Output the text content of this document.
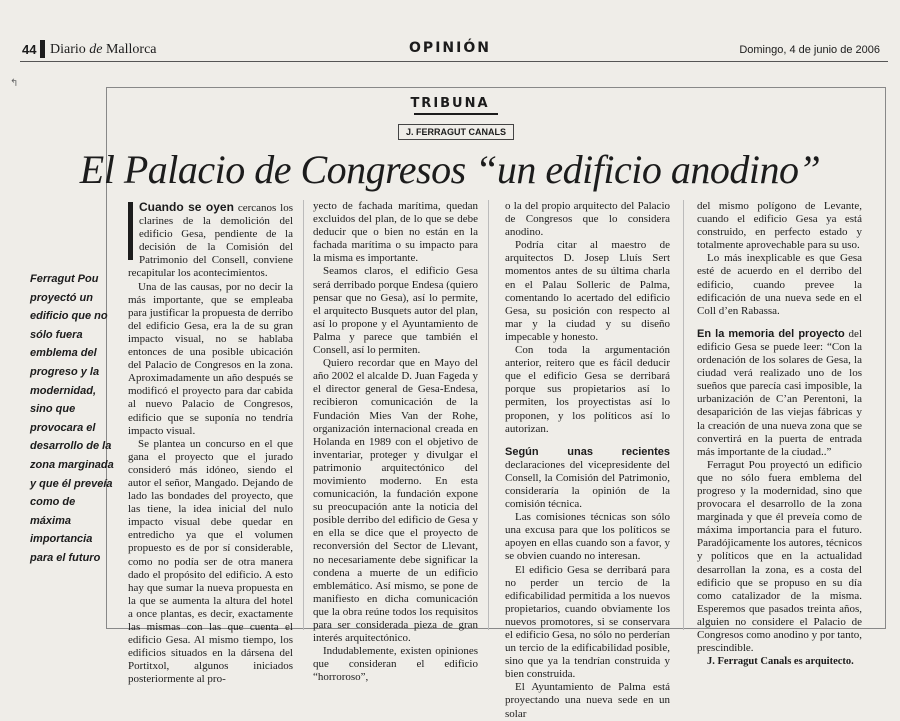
44 Diario de Mallorca	OPINIÓN	Domingo, 4 de junio de 2006
↰
TRIBUNA
J. FERRAGUT CANALS
El Palacio de Congresos “un edificio anodino”
Ferragut Pou proyectó un edificio que no sólo fuera emblema del progreso y la modernidad, sino que provocara el desarrollo de la zona marginada y que él preveía como de máxima importancia para el futuro

Cuando se oyen cercanos los clarines de la demolición del edificio Gesa, pendiente de la decisión de la Comisión del Patrimonio del Consell, conviene recapitular los acontecimientos.

Una de las causas, por no decir la más importante, que se empleaba para justificar la propuesta de derribo del edificio Gesa, era la de su gran impacto visual, no se hablaba entonces de una posible ubicación del Palacio de Congresos en la zona. Aproximadamente un año después se modificó el proyecto para dar cabida al nuevo Palacio de Congresos, edificio que se suponía no tendría impacto visual.

Se plantea un concurso en el que gana el proyecto que el jurado consideró más idóneo, siendo el autor el señor, Mangado. Dejando de lado las bondades del proyecto, que las tiene, la idea inicial del nulo impacto visual debe quedar en entredicho ya que el volumen propuesto es de por sí considerable, como no podía ser de otra manera dado el propósito del edificio. A esto hay que sumar la nueva propuesta en la que se aumenta la altura del hotel a once plantas, es decir, exactamente las mismas con las que cuenta el edificio Gesa. Al mismo tiempo, los edificios situados en la dársena del Portitxol, algunos iniciados posteriormente al pro-

yecto de fachada marítima, quedan excluidos del plan, de lo que se debe deducir que o bien no están en la fachada marítima o su impacto para la misma es importante.

Seamos claros, el edificio Gesa será derribado porque Endesa (quiero pensar que no Gesa), así lo permite, el arquitecto Busquets autor del plan, así lo propone y el Ayuntamiento de Palma y parece que también el Consell, así lo permiten.

Quiero recordar que en Mayo del año 2002 el alcalde D. Juan Fageda y el director general de Gesa-Endesa, recibieron comunicación de la Fundación Mies Van der Rohe, organización internacional creada en Holanda en 1989 con el objetivo de inventariar, proteger y divulgar el patrimonio arquitectónico del movimiento moderno. En esta comunicación, la fundación expone su preocupación ante la noticia del posible derribo del edificio de Gesa y en ella se dice que el proyecto de reconversión del Sector de Llevant, no necesariamente debe significar la condena a muerte de un edificio emblemático. Así mismo, se pone de manifiesto en dicha comunicación que la obra reúne todos los requisitos para ser considerada pieza de gran interés arquitectónico.

Indudablemente, existen opiniones que consideran el edificio “horroroso”,

o la del propio arquitecto del Palacio de Congresos que lo considera anodino.

Podría citar al maestro de arquitectos D. Josep Lluís Sert momentos antes de su última charla en el Palau Solleric de Palma, comentando lo acertado del edificio Gesa, su posición con respecto al mar y la ciudad y su diseño impecable y honesto.

Con toda la argumentación anterior, reitero que es fácil deducir que el edificio Gesa se derribará porque sus propietarios así lo permiten, los proyectistas así lo proponen, y los políticos así lo autorizan.

Según unas recientes declaraciones del vicepresidente del Consell, la Comisión del Patrimonio, consideraría la opinión de la comisión técnica.

Las comisiones técnicas son sólo una excusa para que los políticos se apoyen en ellas cuando son a favor, y se obvien cuando no interesan.

El edificio Gesa se derribará para no perder un tercio de la edificabilidad permitida a los nuevos propietarios, cuando obviamente los nuevos promotores, si se conservara el edificio Gesa, no sólo no perderían un tercio de la edificabilidad posible, sino que ya la tendrían construida y bien construida.

El Ayuntamiento de Palma está proyectando una nueva sede en un solar

del mismo polígono de Levante, cuando el edificio Gesa ya está construido, en perfecto estado y totalmente aprovechable para su uso.

Lo más inexplicable es que Gesa esté de acuerdo en el derribo del edificio, cuando prevee la edificación de una nueva sede en el Coll d’en Rabassa.

En la memoria del proyecto del edificio Gesa se puede leer: “Con la ordenación de los solares de Gesa, la ciudad verá realizado uno de los sueños que parecía casi imposible, la urbanización de C’an Perentoni, la desaparición de las viejas fábricas y la creación de una nueva zona que se convertirá en la puerta de entrada más importante de la ciudad..”

Ferragut Pou proyectó un edificio que no sólo fuera emblema del progreso y la modernidad, sino que provocara el desarrollo de la zona marginada y que él preveía como de máxima importancia para el futuro. Paradójicamente los autores, técnicos y políticos que en la actualidad desarrollan la zona, es a costa del edificio que se propuso en su día como catalizador de la misma. Esperemos que pasados treinta años, alguien no considere el Palacio de Congresos como anodino y por tanto, prescindible.

J. Ferragut Canals es arquitecto.
